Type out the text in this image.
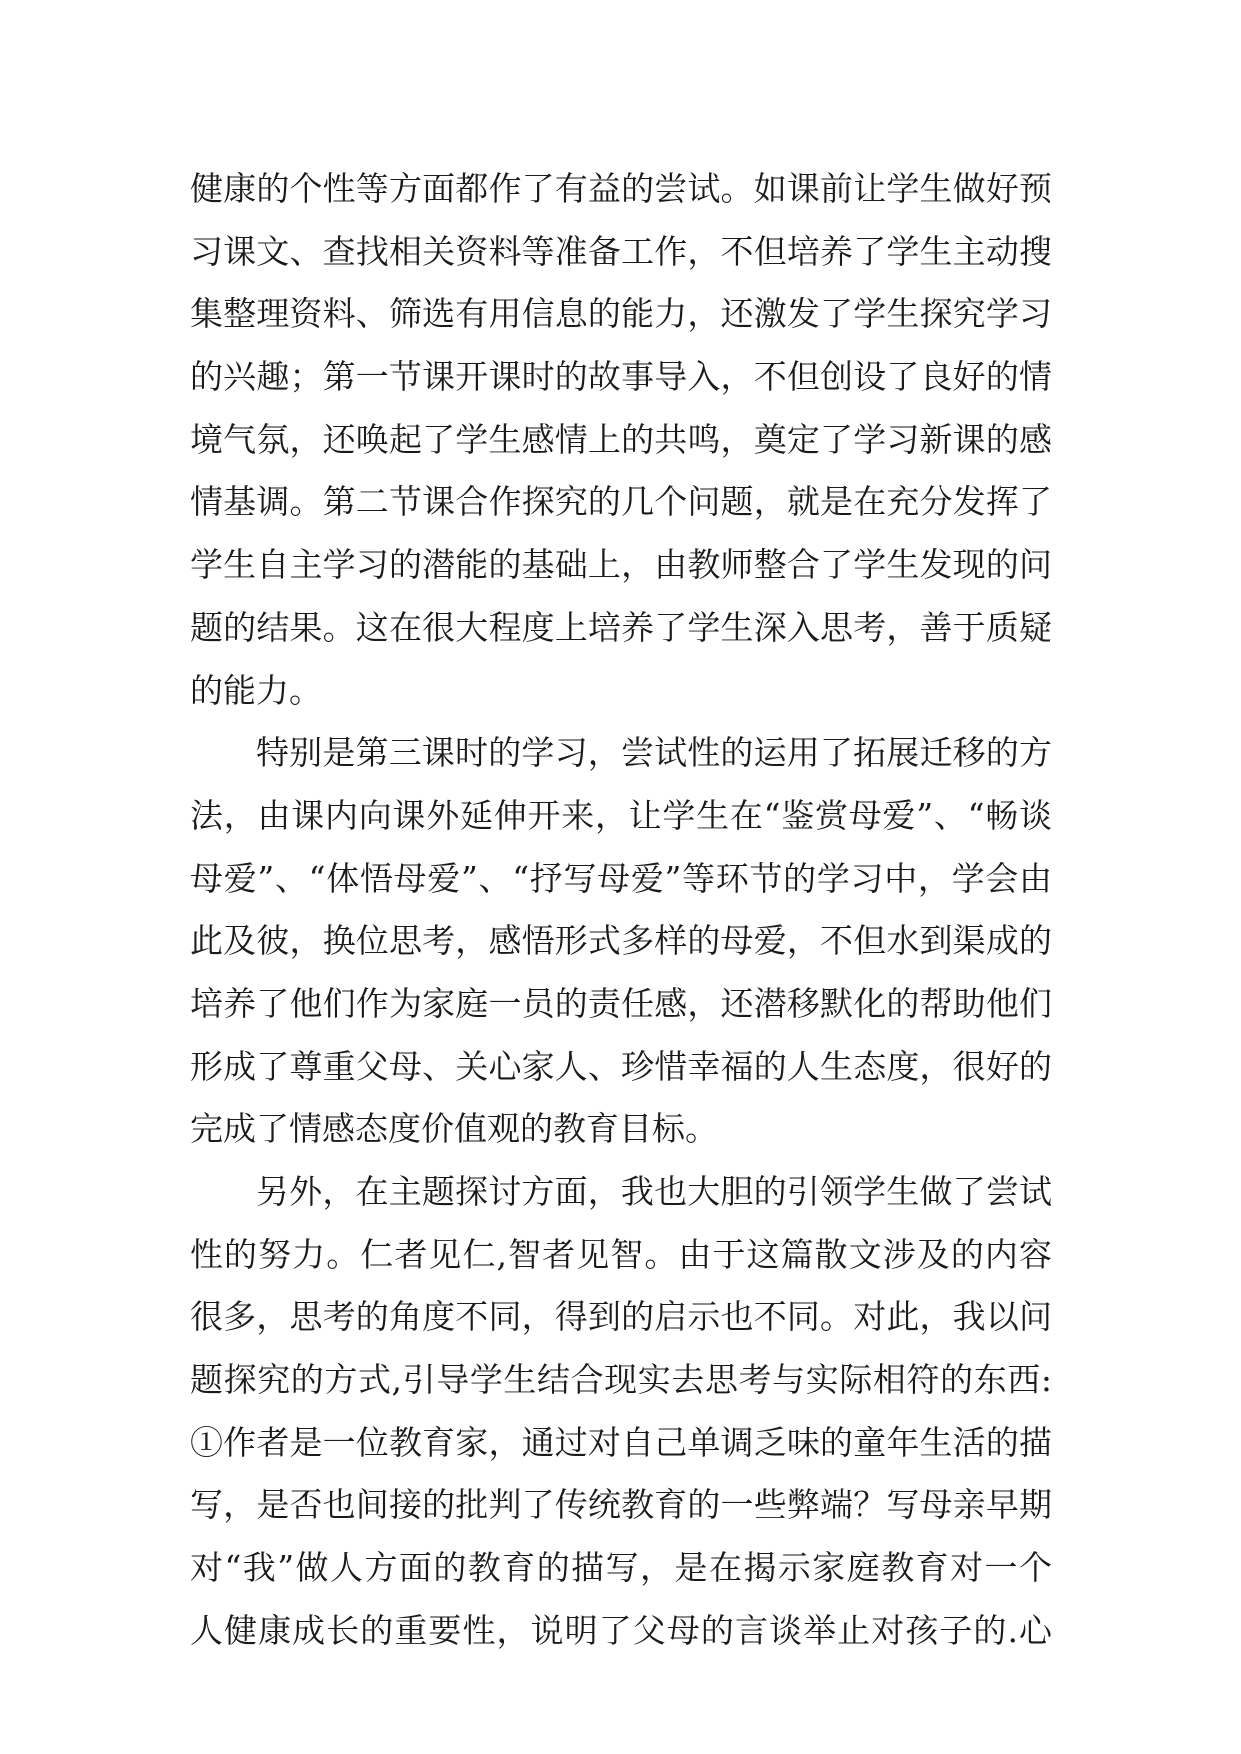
健康的个性等方面都作了有益的尝试。如课前让学生做好预
习课文、查找相关资料等准备工作，不但培养了学生主动搜
集整理资料、筛选有用信息的能力，还激发了学生探究学习
的兴趣；第一节课开课时的故事导入，不但创设了良好的情
境气氛，还唤起了学生感情上的共鸣，奠定了学习新课的感
情基调。第二节课合作探究的几个问题，就是在充分发挥了
学生自主学习的潜能的基础上，由教师整合了学生发现的问
题的结果。这在很大程度上培养了学生深入思考，善于质疑
的能力。
特别是第三课时的学习，尝试性的运用了拓展迁移的方
法，由课内向课外延伸开来，让学生在“鉴赏母爱”、“畅谈
母爱”、“体悟母爱”、“抒写母爱”等环节的学习中，学会由
此及彼，换位思考，感悟形式多样的母爱，不但水到渠成的
培养了他们作为家庭一员的责任感，还潜移默化的帮助他们
形成了尊重父母、关心家人、珍惜幸福的人生态度，很好的
完成了情感态度价值观的教育目标。
另外，在主题探讨方面，我也大胆的引领学生做了尝试
性的努力。仁者见仁,智者见智。由于这篇散文涉及的内容
很多，思考的角度不同，得到的启示也不同。对此，我以问
题探究的方式,引导学生结合现实去思考与实际相符的东西:
①作者是一位教育家，通过对自己单调乏味的童年生活的描
写，是否也间接的批判了传统教育的一些弊端？写母亲早期
对“我”做人方面的教育的描写，是在揭示家庭教育对一个
人健康成长的重要性，说明了父母的言谈举止对孩子的.心
